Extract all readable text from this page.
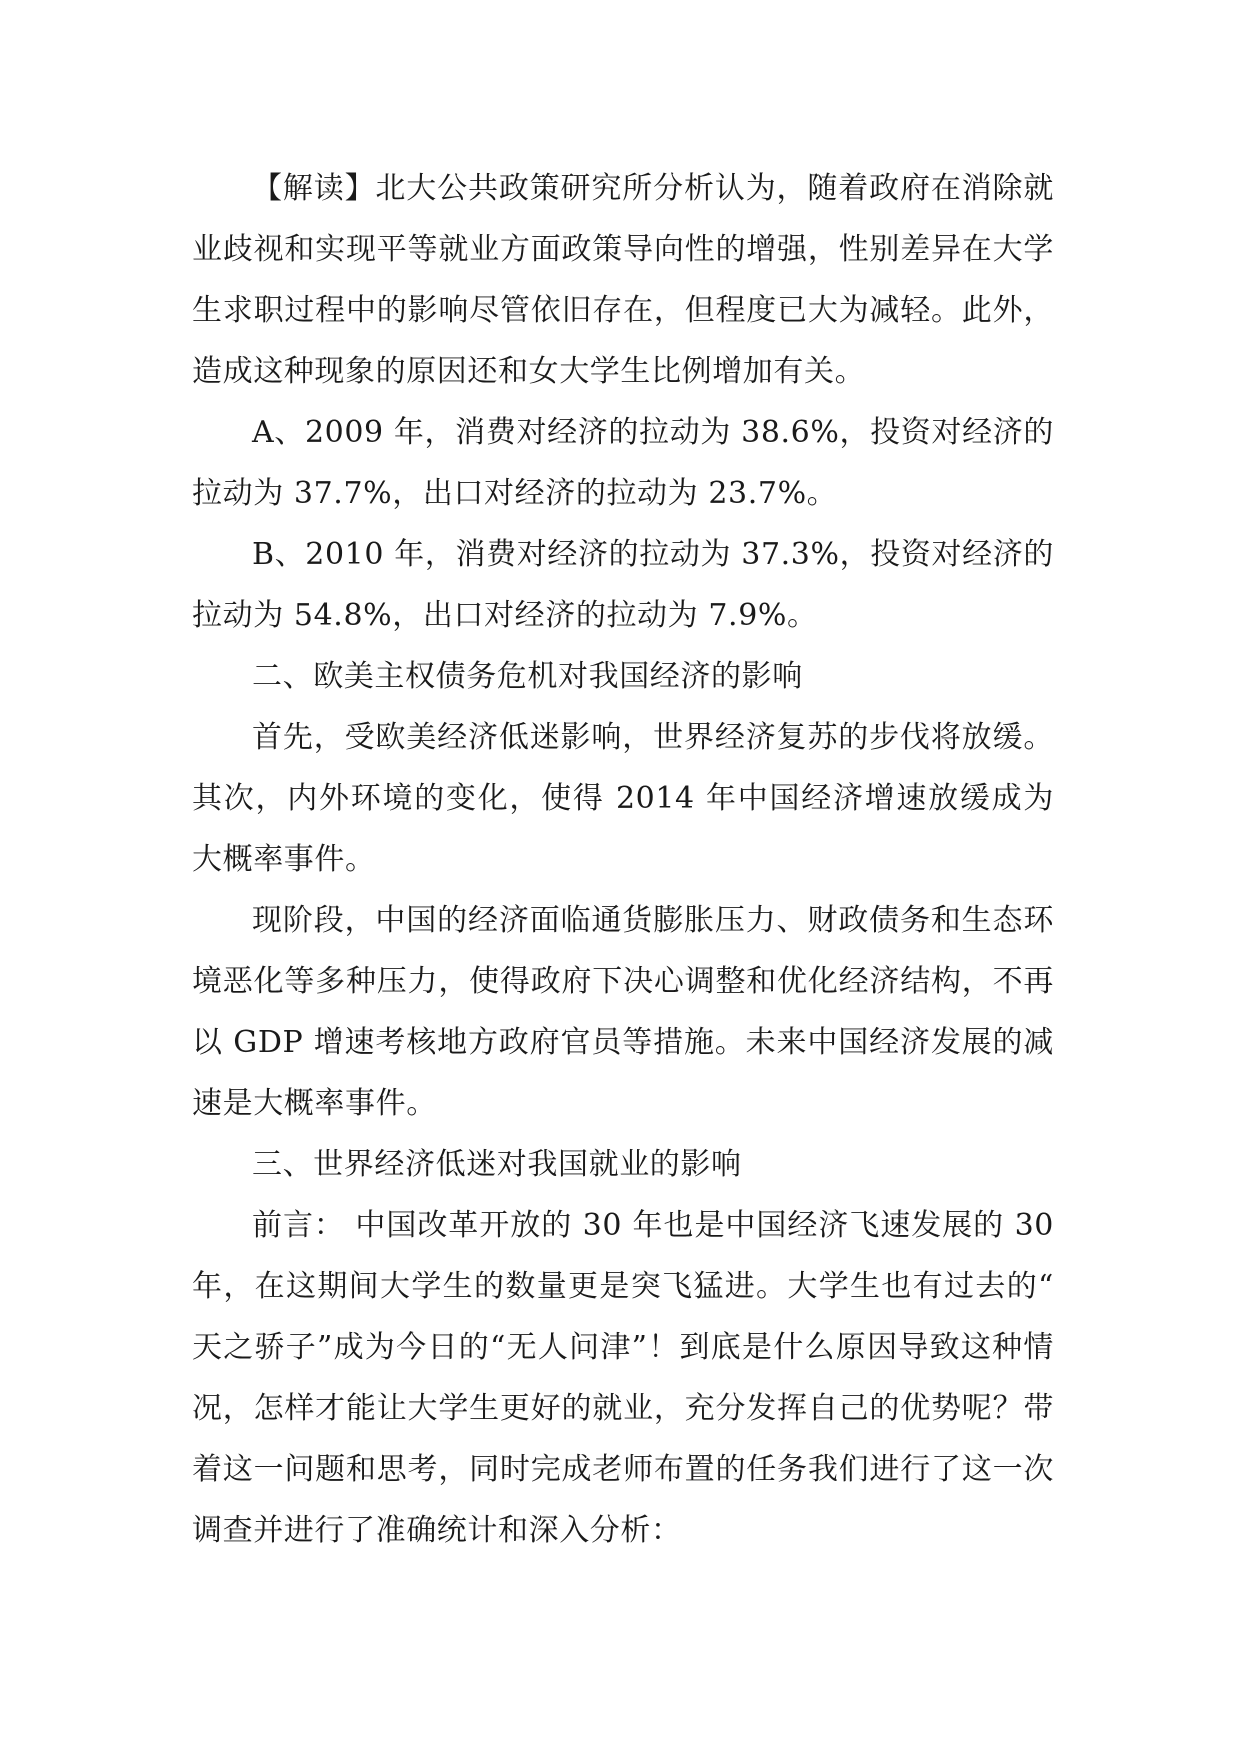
【解读】北大公共政策研究所分析认为，随着政府在消除就业歧视和实现平等就业方面政策导向性的增强，性别差异在大学生求职过程中的影响尽管依旧存在，但程度已大为减轻。此外，造成这种现象的原因还和女大学生比例增加有关。

A、2009 年，消费对经济的拉动为 38.6%，投资对经济的拉动为 37.7%，出口对经济的拉动为 23.7%。

B、2010 年，消费对经济的拉动为 37.3%，投资对经济的拉动为 54.8%，出口对经济的拉动为 7.9%。

二、欧美主权债务危机对我国经济的影响

首先，受欧美经济低迷影响，世界经济复苏的步伐将放缓。其次，内外环境的变化，使得 2014 年中国经济增速放缓成为大概率事件。

现阶段，中国的经济面临通货膨胀压力、财政债务和生态环境恶化等多种压力，使得政府下决心调整和优化经济结构，不再以 GDP 增速考核地方政府官员等措施。未来中国经济发展的减速是大概率事件。

三、世界经济低迷对我国就业的影响

前言： 中国改革开放的 30 年也是中国经济飞速发展的 30 年，在这期间大学生的数量更是突飞猛进。大学生也有过去的“天之骄子”成为今日的“无人问津”！到底是什么原因导致这种情况，怎样才能让大学生更好的就业，充分发挥自己的优势呢？带着这一问题和思考，同时完成老师布置的任务我们进行了这一次调查并进行了准确统计和深入分析：
